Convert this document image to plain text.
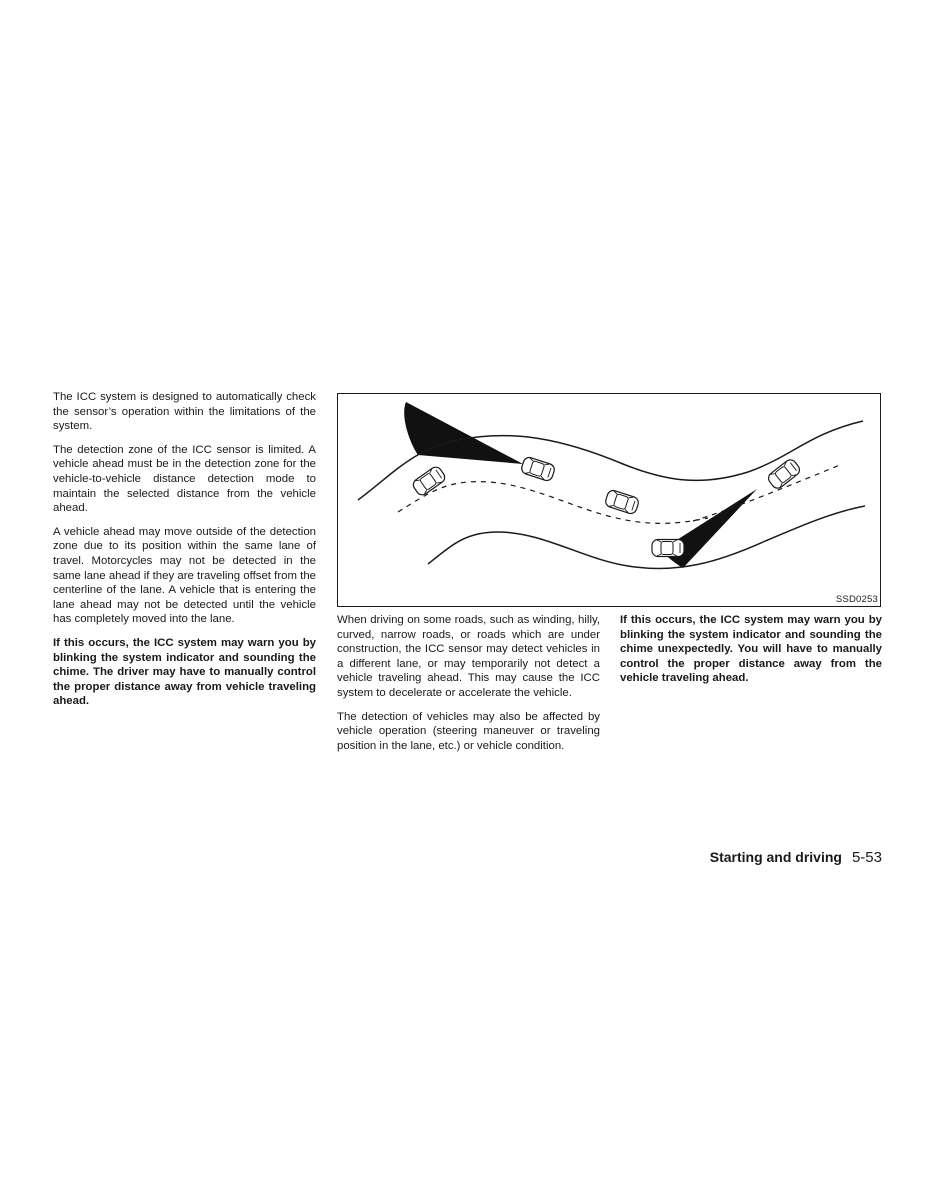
The ICC system is designed to automatically check the sensor’s operation within the limitations of the system.

The detection zone of the ICC sensor is limited. A vehicle ahead must be in the detection zone for the vehicle-to-vehicle distance detection mode to maintain the selected distance from the vehicle ahead.

A vehicle ahead may move outside of the detection zone due to its position within the same lane of travel. Motorcycles may not be detected in the same lane ahead if they are traveling offset from the centerline of the lane. A vehicle that is entering the lane ahead may not be detected until the vehicle has completely moved into the lane.

If this occurs, the ICC system may warn you by blinking the system indicator and sounding the chime. The driver may have to manually control the proper distance away from vehicle traveling ahead.

SSD0253

When driving on some roads, such as winding, hilly, curved, narrow roads, or roads which are under construction, the ICC sensor may detect vehicles in a different lane, or may temporarily not detect a vehicle traveling ahead. This may cause the ICC system to decelerate or accelerate the vehicle.

The detection of vehicles may also be affected by vehicle operation (steering maneuver or traveling position in the lane, etc.) or vehicle condition.

If this occurs, the ICC system may warn you by blinking the system indicator and sounding the chime unexpectedly. You will have to manually control the proper distance away from the vehicle traveling ahead.

Starting and driving 5-53
